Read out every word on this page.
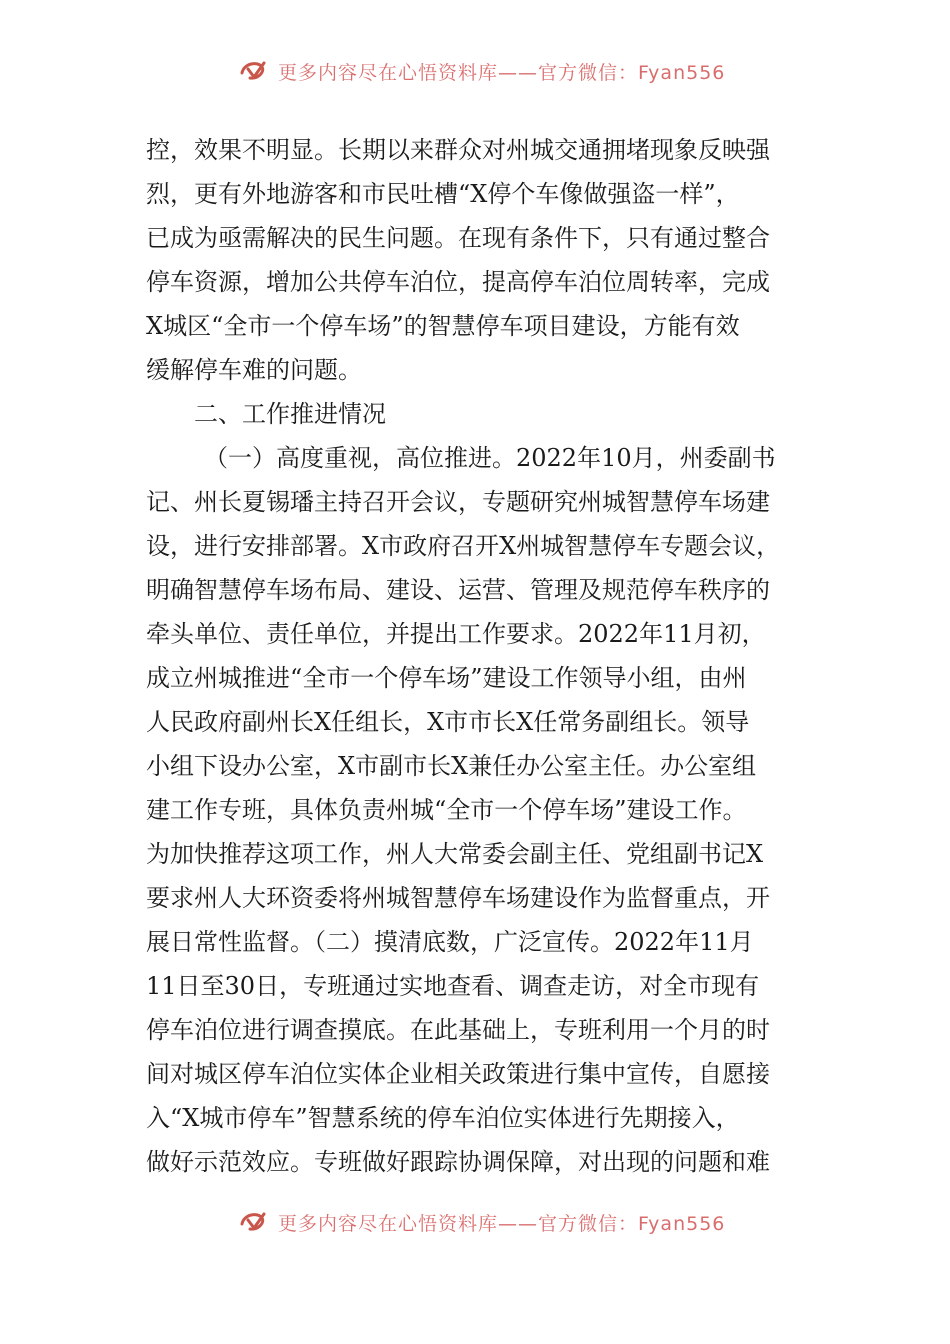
更多内容尽在心悟资料库——官方微信：Fyan556
控，效果不明显。长期以来群众对州城交通拥堵现象反映强
烈，更有外地游客和市民吐槽“X停个车像做强盗一样”，
已成为亟需解决的民生问题。在现有条件下，只有通过整合
停车资源，增加公共停车泊位，提高停车泊位周转率，完成
X城区“全市一个停车场”的智慧停车项目建设，方能有效
缓解停车难的问题。
二、工作推进情况
（一）高度重视，高位推进。2022年10月，州委副书
记、州长夏锡璠主持召开会议，专题研究州城智慧停车场建
设，进行安排部署。X市政府召开X州城智慧停车专题会议，
明确智慧停车场布局、建设、运营、管理及规范停车秩序的
牵头单位、责任单位，并提出工作要求。2022年11月初，
成立州城推进“全市一个停车场”建设工作领导小组，由州
人民政府副州长X任组长，X市市长X任常务副组长。领导
小组下设办公室，X市副市长X兼任办公室主任。办公室组
建工作专班，具体负责州城“全市一个停车场”建设工作。
为加快推荐这项工作，州人大常委会副主任、党组副书记X
要求州人大环资委将州城智慧停车场建设作为监督重点，开
展日常性监督。（二）摸清底数，广泛宣传。2022年11月
11日至30日，专班通过实地查看、调查走访，对全市现有
停车泊位进行调查摸底。在此基础上，专班利用一个月的时
间对城区停车泊位实体企业相关政策进行集中宣传，自愿接
入“X城市停车”智慧系统的停车泊位实体进行先期接入，
做好示范效应。专班做好跟踪协调保障，对出现的问题和难
更多内容尽在心悟资料库——官方微信：Fyan556
